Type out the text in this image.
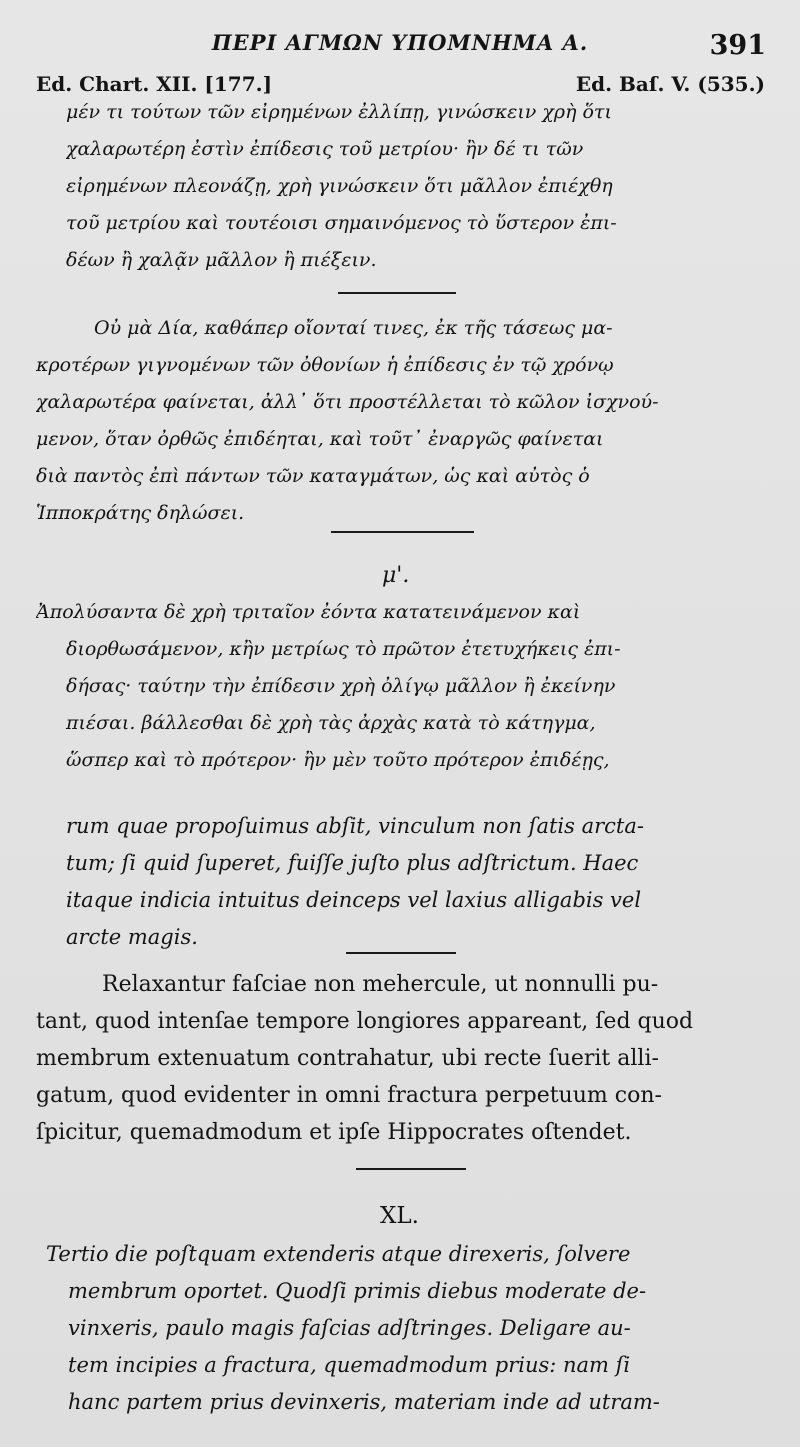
ΠΕΡΙ ΑΓΜΩΝ ΥΠΟΜΝΗΜΑ Α.	391
Ed. Chart. XII. [177.]	Ed. Baſ. V. (535.)
μέν τι τούτων τῶν εἰρημένων ἐλλίπῃ, γινώσκειν χρὴ ὅτι
χαλαρωτέρη ἐστὶν ἐπίδεσις τοῦ μετρίου· ἢν δέ τι τῶν
εἰρημένων πλεονάζῃ, χρὴ γινώσκειν ὅτι μᾶλλον ἐπιέχθη
τοῦ μετρίου καὶ τουτέοισι σημαινόμενος τὸ ὕστερον ἐπι-
δέων ἢ χαλᾷν μᾶλλον ἢ πιέξειν.
Οὐ μὰ Δία, καθάπερ οἴονταί τινες, ἐκ τῆς τάσεως μα-
κροτέρων γιγνομένων τῶν ὀθονίων ἡ ἐπίδεσις ἐν τῷ χρόνῳ
χαλαρωτέρα φαίνεται, ἀλλ᾽ ὅτι προστέλλεται τὸ κῶλον ἰσχνού-
μενον, ὅταν ὀρθῶς ἐπιδέηται, καὶ τοῦτ᾽ ἐναργῶς φαίνεται
διὰ παντὸς ἐπὶ πάντων τῶν καταγμάτων, ὡς καὶ αὐτὸς ὁ
Ἱπποκράτης δηλώσει.
μ'.
Ἀπολύσαντα δὲ χρὴ τριταῖον ἐόντα κατατεινάμενον καὶ
διορθωσάμενον, κἢν μετρίως τὸ πρῶτον ἐτετυχήκεις ἐπι-
δήσας· ταύτην τὴν ἐπίδεσιν χρὴ ὀλίγῳ μᾶλλον ἢ ἐκείνην
πιέσαι. βάλλεσθαι δὲ χρὴ τὰς ἀρχὰς κατὰ τὸ κάτηγμα,
ὥσπερ καὶ τὸ πρότερον· ἢν μὲν τοῦτο πρότερον ἐπιδέῃς,
rum quae propoſuimus abſit, vinculum non ſatis arcta-
tum; ſi quid ſuperet, fuiſſe juſto plus adſtrictum. Haec
itaque indicia intuitus deinceps vel laxius alligabis vel
arcte magis.
Relaxantur faſciae non mehercule, ut nonnulli pu-
tant, quod intenſae tempore longiores appareant, ſed quod
membrum extenuatum contrahatur, ubi recte ſuerit alli-
gatum, quod evidenter in omni fractura perpetuum con-
ſpicitur, quemadmodum et ipſe Hippocrates oſtendet.
XL.
Tertio die poſtquam extenderis atque direxeris, ſolvere
membrum oportet. Quodſi primis diebus moderate de-
vinxeris, paulo magis faſcias adſtringes. Deligare au-
tem incipies a fractura, quemadmodum prius: nam ſi
hanc partem prius devinxeris, materiam inde ad utram-
